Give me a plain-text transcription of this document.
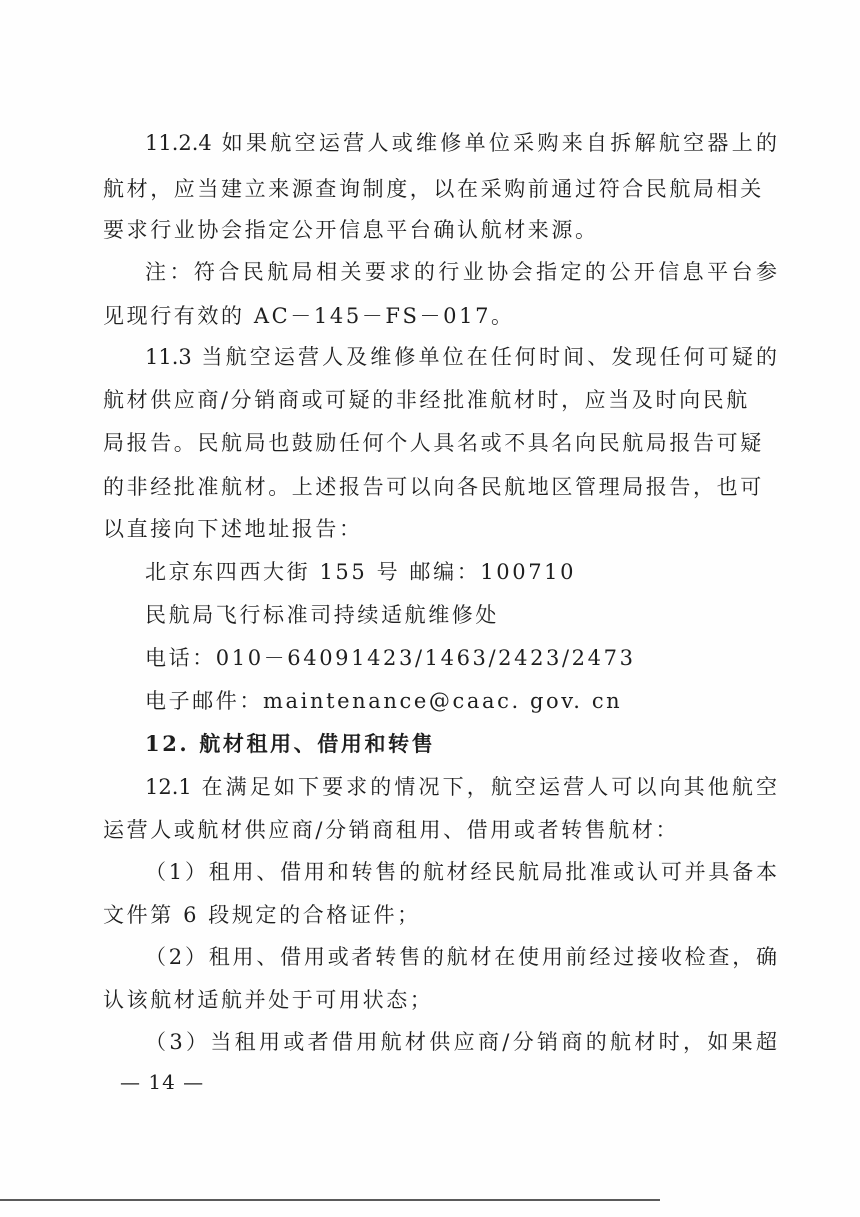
11.2.4 如果航空运营人或维修单位采购来自拆解航空器上的
航材，应当建立来源查询制度，以在采购前通过符合民航局相关
要求行业协会指定公开信息平台确认航材来源。
注：符合民航局相关要求的行业协会指定的公开信息平台参
见现行有效的 AC－145－FS－017。
11.3 当航空运营人及维修单位在任何时间、发现任何可疑的
航材供应商/分销商或可疑的非经批准航材时，应当及时向民航
局报告。民航局也鼓励任何个人具名或不具名向民航局报告可疑
的非经批准航材。上述报告可以向各民航地区管理局报告，也可
以直接向下述地址报告：
北京东四西大街 155 号 邮编：100710
民航局飞行标准司持续适航维修处
电话：010－64091423/1463/2423/2473
电子邮件：maintenance@caac. gov. cn
12. 航材租用、借用和转售
12.1 在满足如下要求的情况下，航空运营人可以向其他航空
运营人或航材供应商/分销商租用、借用或者转售航材：
（1）租用、借用和转售的航材经民航局批准或认可并具备本
文件第 6 段规定的合格证件；
（2）租用、借用或者转售的航材在使用前经过接收检查，确
认该航材适航并处于可用状态；
（3）当租用或者借用航材供应商/分销商的航材时，如果超
— 14 —
